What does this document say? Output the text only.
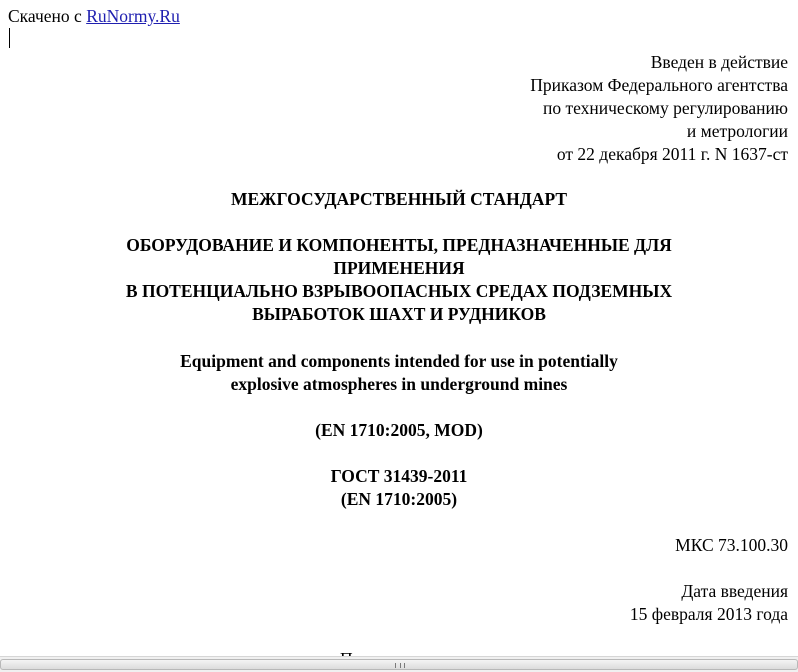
Скачено с RuNormy.Ru
Введен в действие
Приказом Федерального агентства
по техническому регулированию
и метрологии
от 22 декабря 2011 г. N 1637-ст
МЕЖГОСУДАРСТВЕННЫЙ СТАНДАРТ
ОБОРУДОВАНИЕ И КОМПОНЕНТЫ, ПРЕДНАЗНАЧЕННЫЕ ДЛЯ
ПРИМЕНЕНИЯ
В ПОТЕНЦИАЛЬНО ВЗРЫВООПАСНЫХ СРЕДАХ ПОДЗЕМНЫХ
ВЫРАБОТОК ШАХТ И РУДНИКОВ
Equipment and components intended for use in potentially
explosive atmospheres in underground mines
(EN 1710:2005, MOD)
ГОСТ 31439-2011
(EN 1710:2005)
МКС 73.100.30
Дата введения
15 февраля 2013 года
